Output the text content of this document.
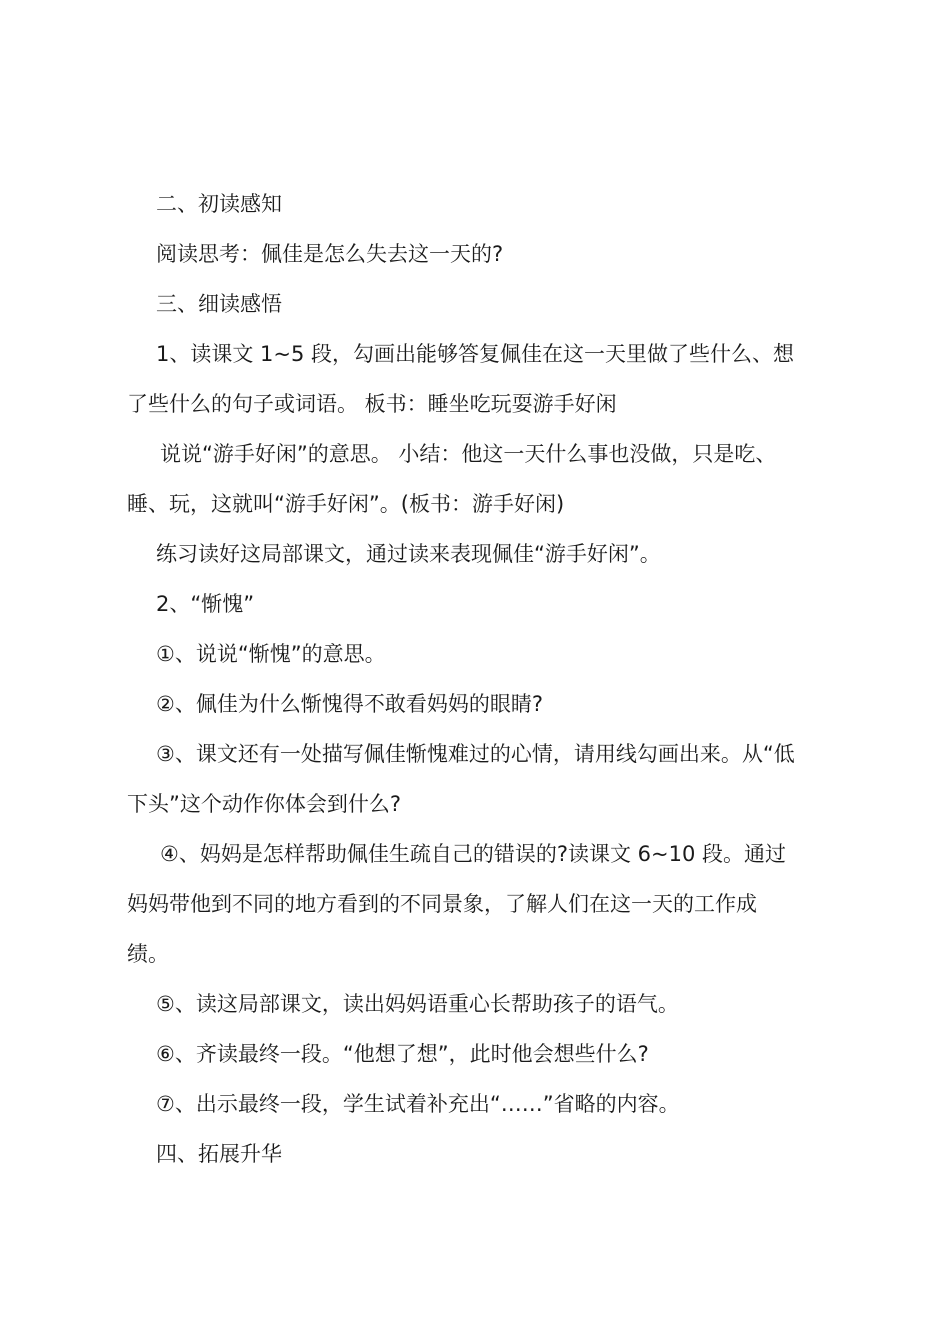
二、初读感知
阅读思考：佩佳是怎么失去这一天的?
三、细读感悟
1、读课文 1~5 段，勾画出能够答复佩佳在这一天里做了些什么、想
了些什么的句子或词语。 板书：睡坐吃玩耍游手好闲
说说“游手好闲”的意思。 小结：他这一天什么事也没做，只是吃、
睡、玩，这就叫“游手好闲”。(板书：游手好闲)
练习读好这局部课文，通过读来表现佩佳“游手好闲”。
2、“惭愧”
①、说说“惭愧”的意思。
②、佩佳为什么惭愧得不敢看妈妈的眼睛?
③、课文还有一处描写佩佳惭愧难过的心情，请用线勾画出来。从“低
下头”这个动作你体会到什么?
④、妈妈是怎样帮助佩佳生疏自己的错误的?读课文 6~10 段。通过
妈妈带他到不同的地方看到的不同景象，了解人们在这一天的工作成
绩。
⑤、读这局部课文，读出妈妈语重心长帮助孩子的语气。
⑥、齐读最终一段。“他想了想”，此时他会想些什么?
⑦、出示最终一段，学生试着补充出“……”省略的内容。
四、拓展升华
